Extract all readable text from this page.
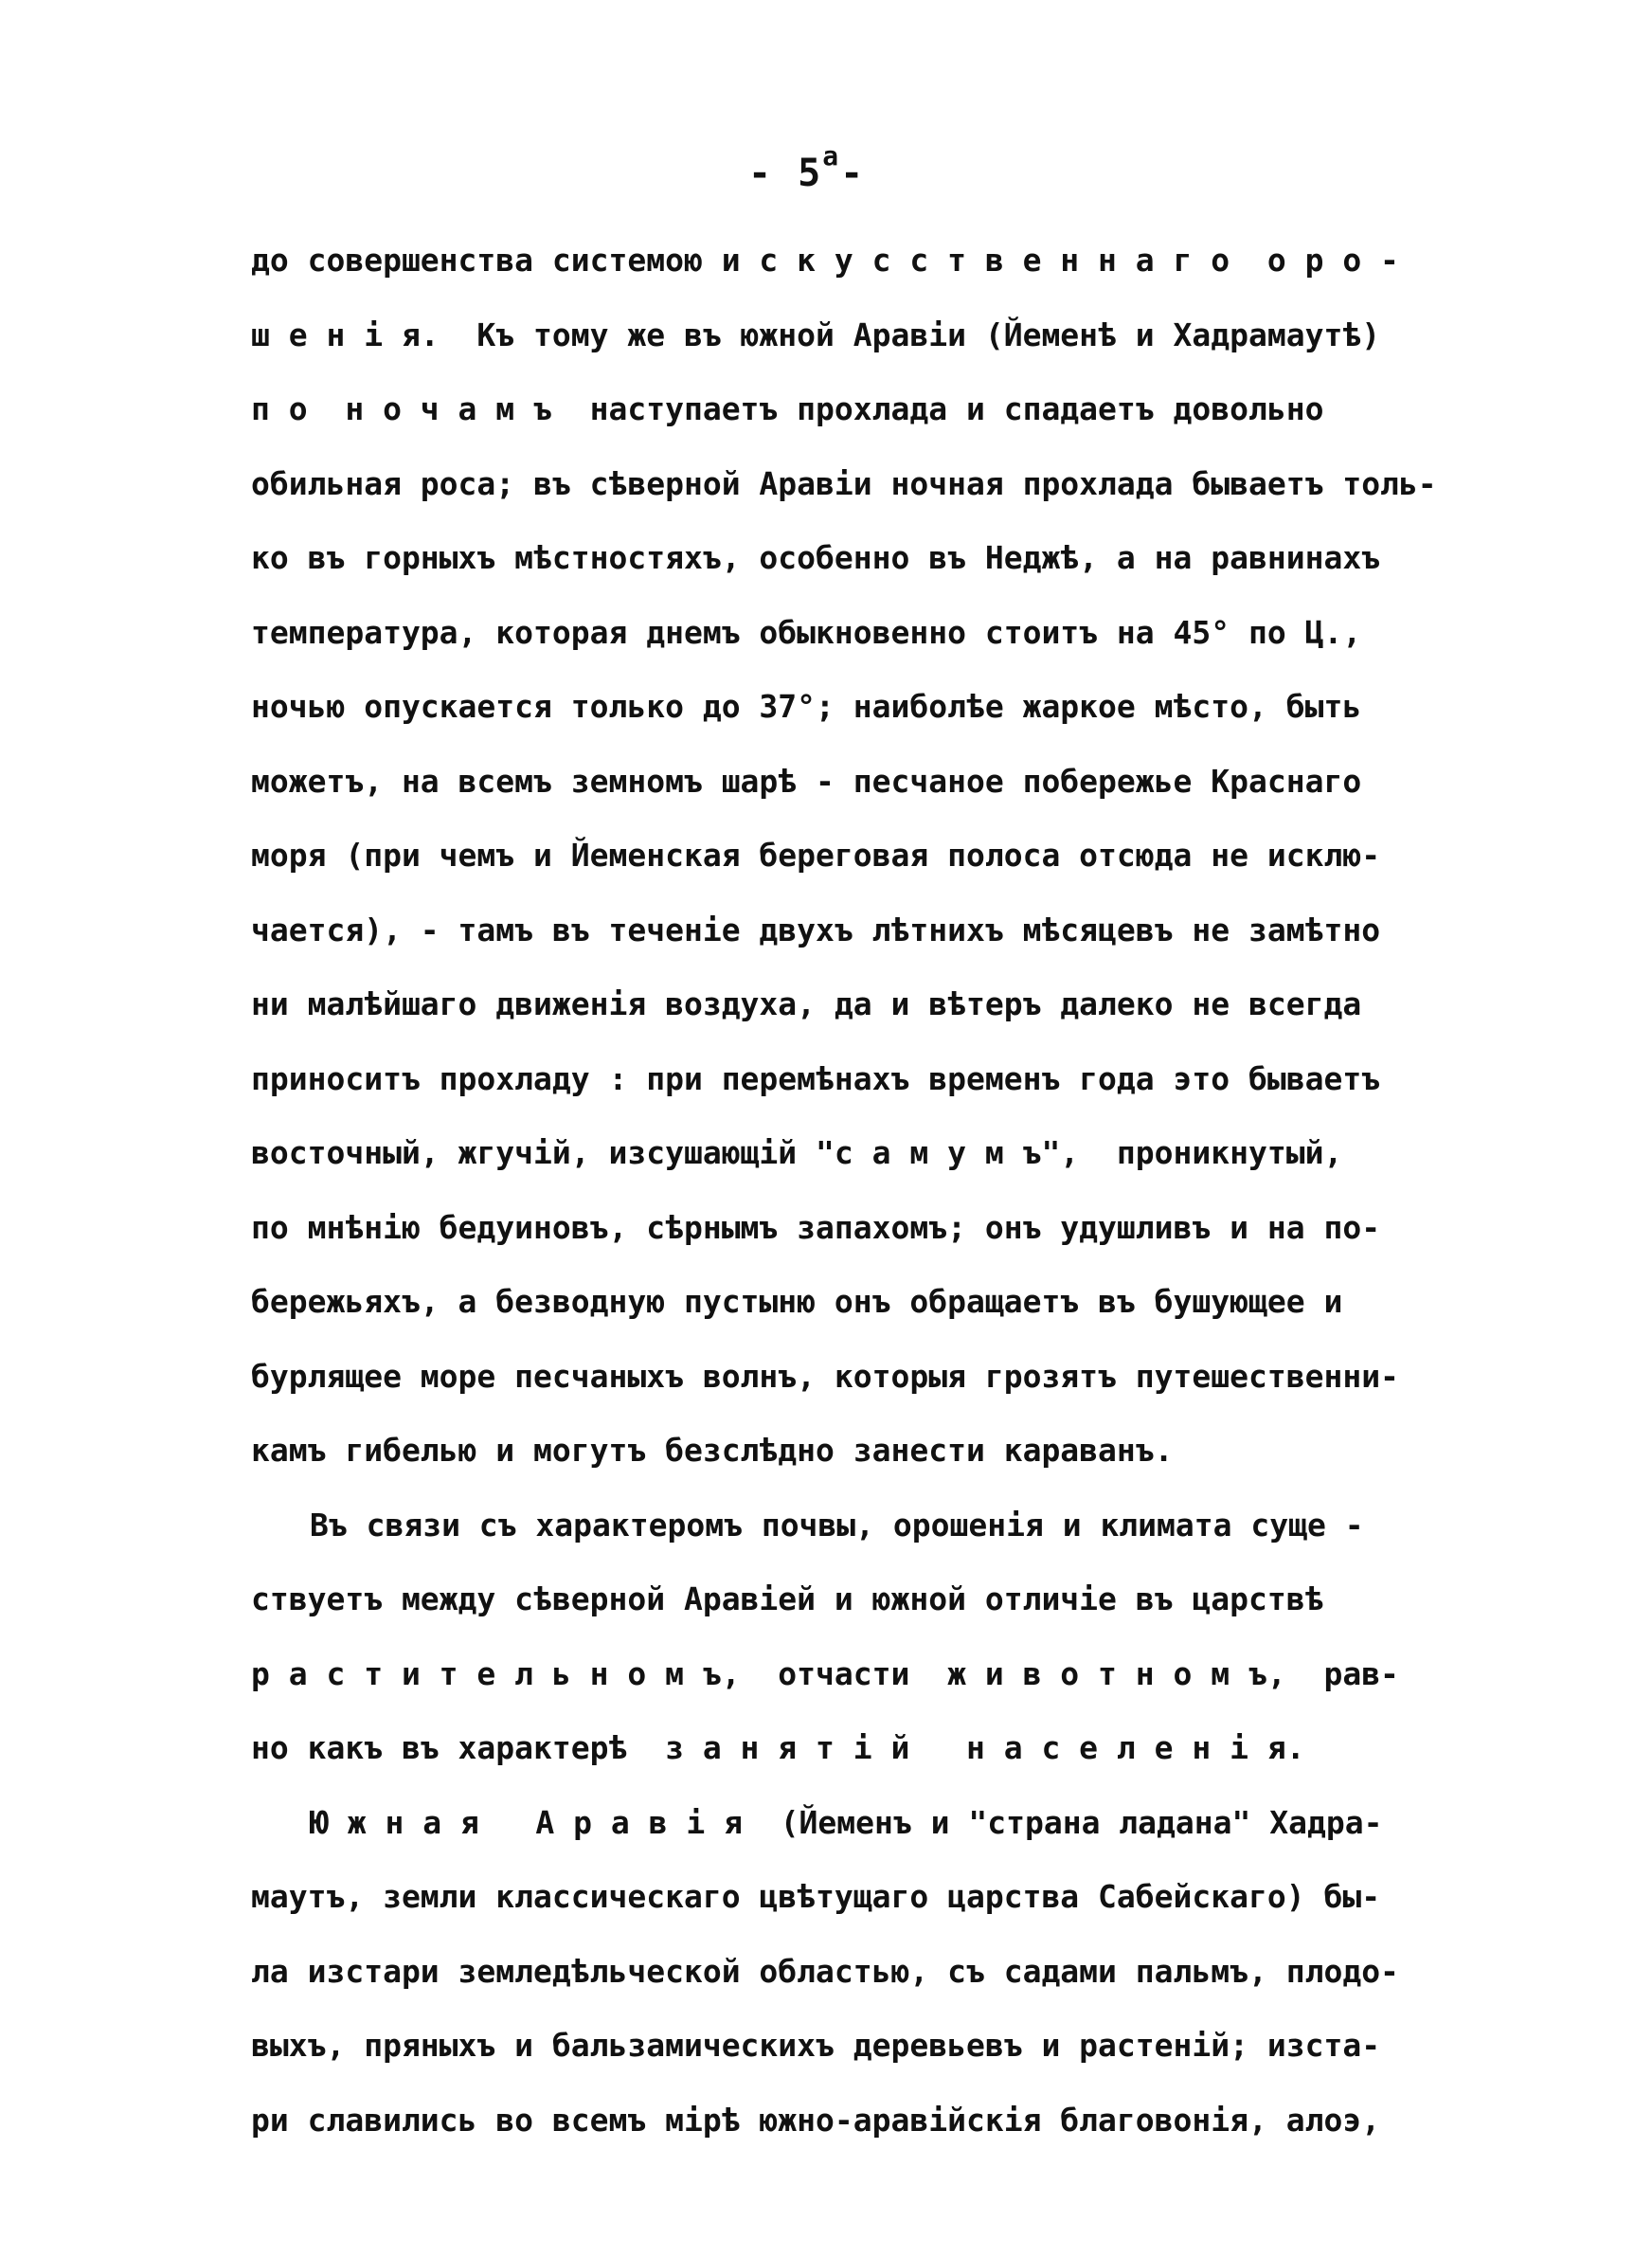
- $5^а-$
до совершенства системою и с к у с с т в е н н а г о  о р о -
ш е н і я.  Къ тому же въ южной Аравіи (Йеменѣ и Хадрамаутѣ)
п о  н о ч а м ъ  наступаетъ прохлада и спадаетъ довольно
обильная роса; въ сѣверной Аравіи ночная прохлада бываетъ толь-
ко въ горныхъ мѣстностяхъ, особенно въ Неджѣ, а на равнинахъ
температура, которая днемъ обыкновенно стоитъ на 45° по Ц.,
ночью опускается только до 37°; наиболѣе жаркое мѣсто, быть
можетъ, на всемъ земномъ шарѣ - песчаное побережье Краснаго
моря (при чемъ и Йеменская береговая полоса отсюда не исклю-
чается), - тамъ въ теченіе двухъ лѣтнихъ мѣсяцевъ не замѣтно
ни малѣйшаго движенія воздуха, да и вѣтеръ далеко не всегда
приноситъ прохладу : при перемѣнахъ временъ года это бываетъ
восточный, жгучій, изсушающій "с а м у м ъ",  проникнутый,
по мнѣнію бедуиновъ, сѣрнымъ запахомъ; онъ удушливъ и на по-
бережьяхъ, а безводную пустыню онъ обращаетъ въ бушующее и
бурлящее море песчаныхъ волнъ, которыя грозятъ путешественни-
камъ гибелью и могутъ безслѣдно занести караванъ.
Въ связи съ характеромъ почвы, орошенія и климата суще -
ствуетъ между сѣверной Аравіей и южной отличіе въ царствѣ
р а с т и т е л ь н о м ъ,  отчасти  ж и в о т н о м ъ,  рав-
но какъ въ характерѣ  з а н я т і й   н а с е л е н і я.
Ю ж н а я   А р а в і я  (Йеменъ и "страна ладана" Хадра-
маутъ, земли классическаго цвѣтущаго царства Сабейскаго) бы-
ла изстари земледѣльческой областью, съ садами пальмъ, плодо-
выхъ, пряныхъ и бальзамическихъ деревьевъ и растеній; изста-
ри славились во всемъ мірѣ южно-аравійскія благовонія, алоэ,
